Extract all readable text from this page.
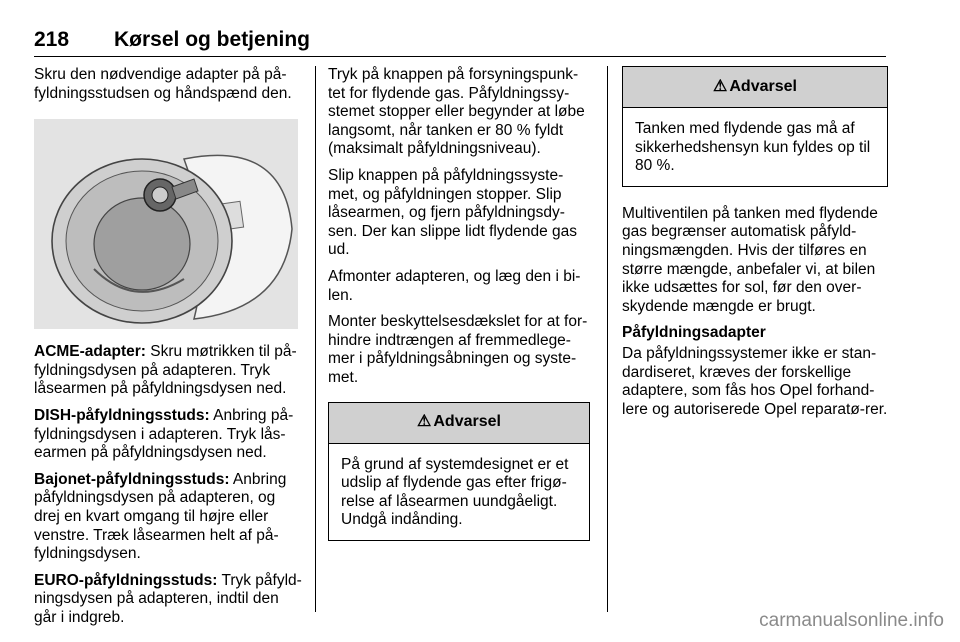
218 Kørsel og betjening

Skru den nødvendige adapter på på-fyldningsstudsen og håndspænd den.

ACME-adapter: Skru møtrikken til på-fyldningsdysen på adapteren. Tryk låsearmen på påfyldningsdysen ned.

DISH-påfyldningsstuds: Anbring på-fyldningsdysen i adapteren. Tryk lås-earmen på påfyldningsdysen ned.

Bajonet-påfyldningsstuds: Anbring påfyldningsdysen på adapteren, og drej en kvart omgang til højre eller venstre. Træk låsearmen helt af på-fyldningsdysen.

EURO-påfyldningsstuds: Tryk påfyld-ningsdysen på adapteren, indtil den går i indgreb.

Tryk på knappen på forsyningspunk-tet for flydende gas. Påfyldningssy-stemet stopper eller begynder at løbe langsomt, når tanken er 80 % fyldt (maksimalt påfyldningsniveau).

Slip knappen på påfyldningssyste-met, og påfyldningen stopper. Slip låsearmen, og fjern påfyldningsdy-sen. Der kan slippe lidt flydende gas ud.

Afmonter adapteren, og læg den i bi-len.

Monter beskyttelsesdækslet for at for-hindre indtrængen af fremmedlege-mer i påfyldningsåbningen og syste-met.

⚠ Advarsel
På grund af systemdesignet er et udslip af flydende gas efter frigø-relse af låsearmen uundgåeligt. Undgå indånding.
⚠ Advarsel
Tanken med flydende gas må af sikkerhedshensyn kun fyldes op til 80 %.

Multiventilen på tanken med flydende gas begrænser automatisk påfyld-ningsmængden. Hvis der tilføres en større mængde, anbefaler vi, at bilen ikke udsættes for sol, før den over-skydende mængde er brugt.

Påfyldningsadapter

Da påfyldningssystemer ikke er stan-dardiseret, kræves der forskellige adaptere, som fås hos Opel forhand-lere og autoriserede Opel reparatø-rer.

carmanualsonline.info
